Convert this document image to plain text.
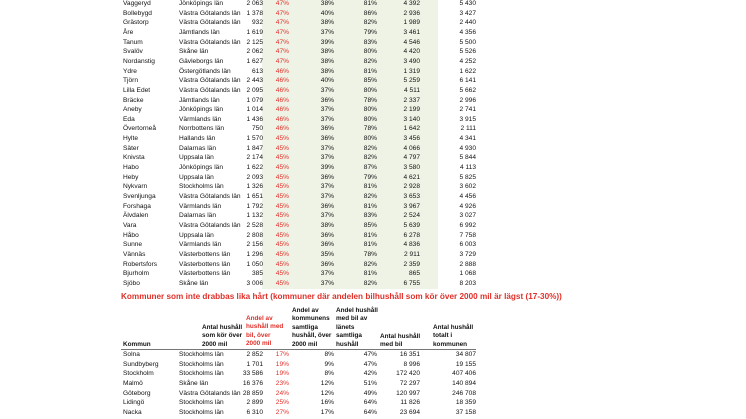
Vaggeryd	Jönköpings län	2 063	47%	38%	81%	4 392	5 430
Bollebygd	Västra Götalands län 1 378	47%	40%	86%	2 936	3 427
Grästorp	Västra Götalands län	932	47%	38%	82%	1 989	2 440
Åre	Jämtlands län	1 619	47%	37%	79%	3 461	4 356
Tanum	Västra Götalands län 2 125	47%	39%	83%	4 546	5 500
Svalöv	Skåne län	2 062	47%	38%	80%	4 420	5 526
Nordanstig	Gävleborgs län	1 627	47%	38%	82%	3 490	4 252
Ydre	Östergötlands län	613	46%	38%	81%	1 319	1 622
Tjörn	Västra Götalands län 2 443	46%	40%	85%	5 259	6 141
Lilla Edet	Västra Götalands län 2 095	46%	37%	80%	4 511	5 662
Bräcke	Jämtlands län	1 079	46%	36%	78%	2 337	2 996
Aneby	Jönköpings län	1 014	46%	37%	80%	2 199	2 741
Eda	Värmlands län	1 436	46%	37%	80%	3 140	3 915
Övertorneå	Norrbottens län	750	46%	36%	78%	1 642	2 111
Hylte	Hallands län	1 570	45%	36%	80%	3 456	4 341
Säter	Dalarnas län	1 847	45%	37%	82%	4 066	4 930
Knivsta	Uppsala län	2 174	45%	37%	82%	4 797	5 844
Habo	Jönköpings län	1 622	45%	39%	87%	3 580	4 113
Heby	Uppsala län	2 093	45%	36%	79%	4 621	5 825
Nykvarn	Stockholms län	1 326	45%	37%	81%	2 928	3 602
Svenljunga	Västra Götalands län 1 651	45%	37%	82%	3 653	4 456
Forshaga	Värmlands län	1 792	45%	36%	81%	3 967	4 926
Älvdalen	Dalarnas län	1 132	45%	37%	83%	2 524	3 027
Vara	Västra Götalands län 2 528	45%	38%	85%	5 639	6 992
Håbo	Uppsala län	2 808	45%	36%	81%	6 278	7 758
Sunne	Värmlands län	2 156	45%	36%	81%	4 836	6 003
Vännäs	Västerbottens län	1 296	45%	35%	78%	2 911	3 729
Robertsfors	Västerbottens län	1 050	45%	36%	82%	2 359	2 888
Bjurholm	Västerbottens län	385	45%	37%	81%	865	1 068
Sjöbo	Skåne län	3 006	45%	37%	82%	6 755	8 203
Kommuner som inte drabbas lika hårt (kommuner där andelen bilhushåll som kör över 2000 mil är lägst (17-30%))
Kommun
Antal hushåll
som kör över
2000 mil
Andel av
hushåll med
bil, över
2000 mil
Andel av
kommunens
samtliga
hushåll, över
2000 mil
Andel hushåll
med bil av
länets
samtliga
hushåll
Antal hushåll
med bil
Antal hushåll
totalt i
kommunen
Solna	Stockholms län	2 852	17%	8%	47%	16 351	34 807
Sundbyberg	Stockholms län	1 701	19%	9%	47%	8 996	19 155
Stockholm	Stockholms län	33 586	19%	8%	42%	172 420	407 406
Malmö	Skåne län	16 376	23%	12%	51%	72 297	140 894
Göteborg	Västra Götalands län 28 859	24%	12%	49%	120 997	246 708
Lidingö	Stockholms län	2 899	25%	16%	64%	11 826	18 359
Nacka	Stockholms län	6 310	27%	17%	64%	23 694	37 158
